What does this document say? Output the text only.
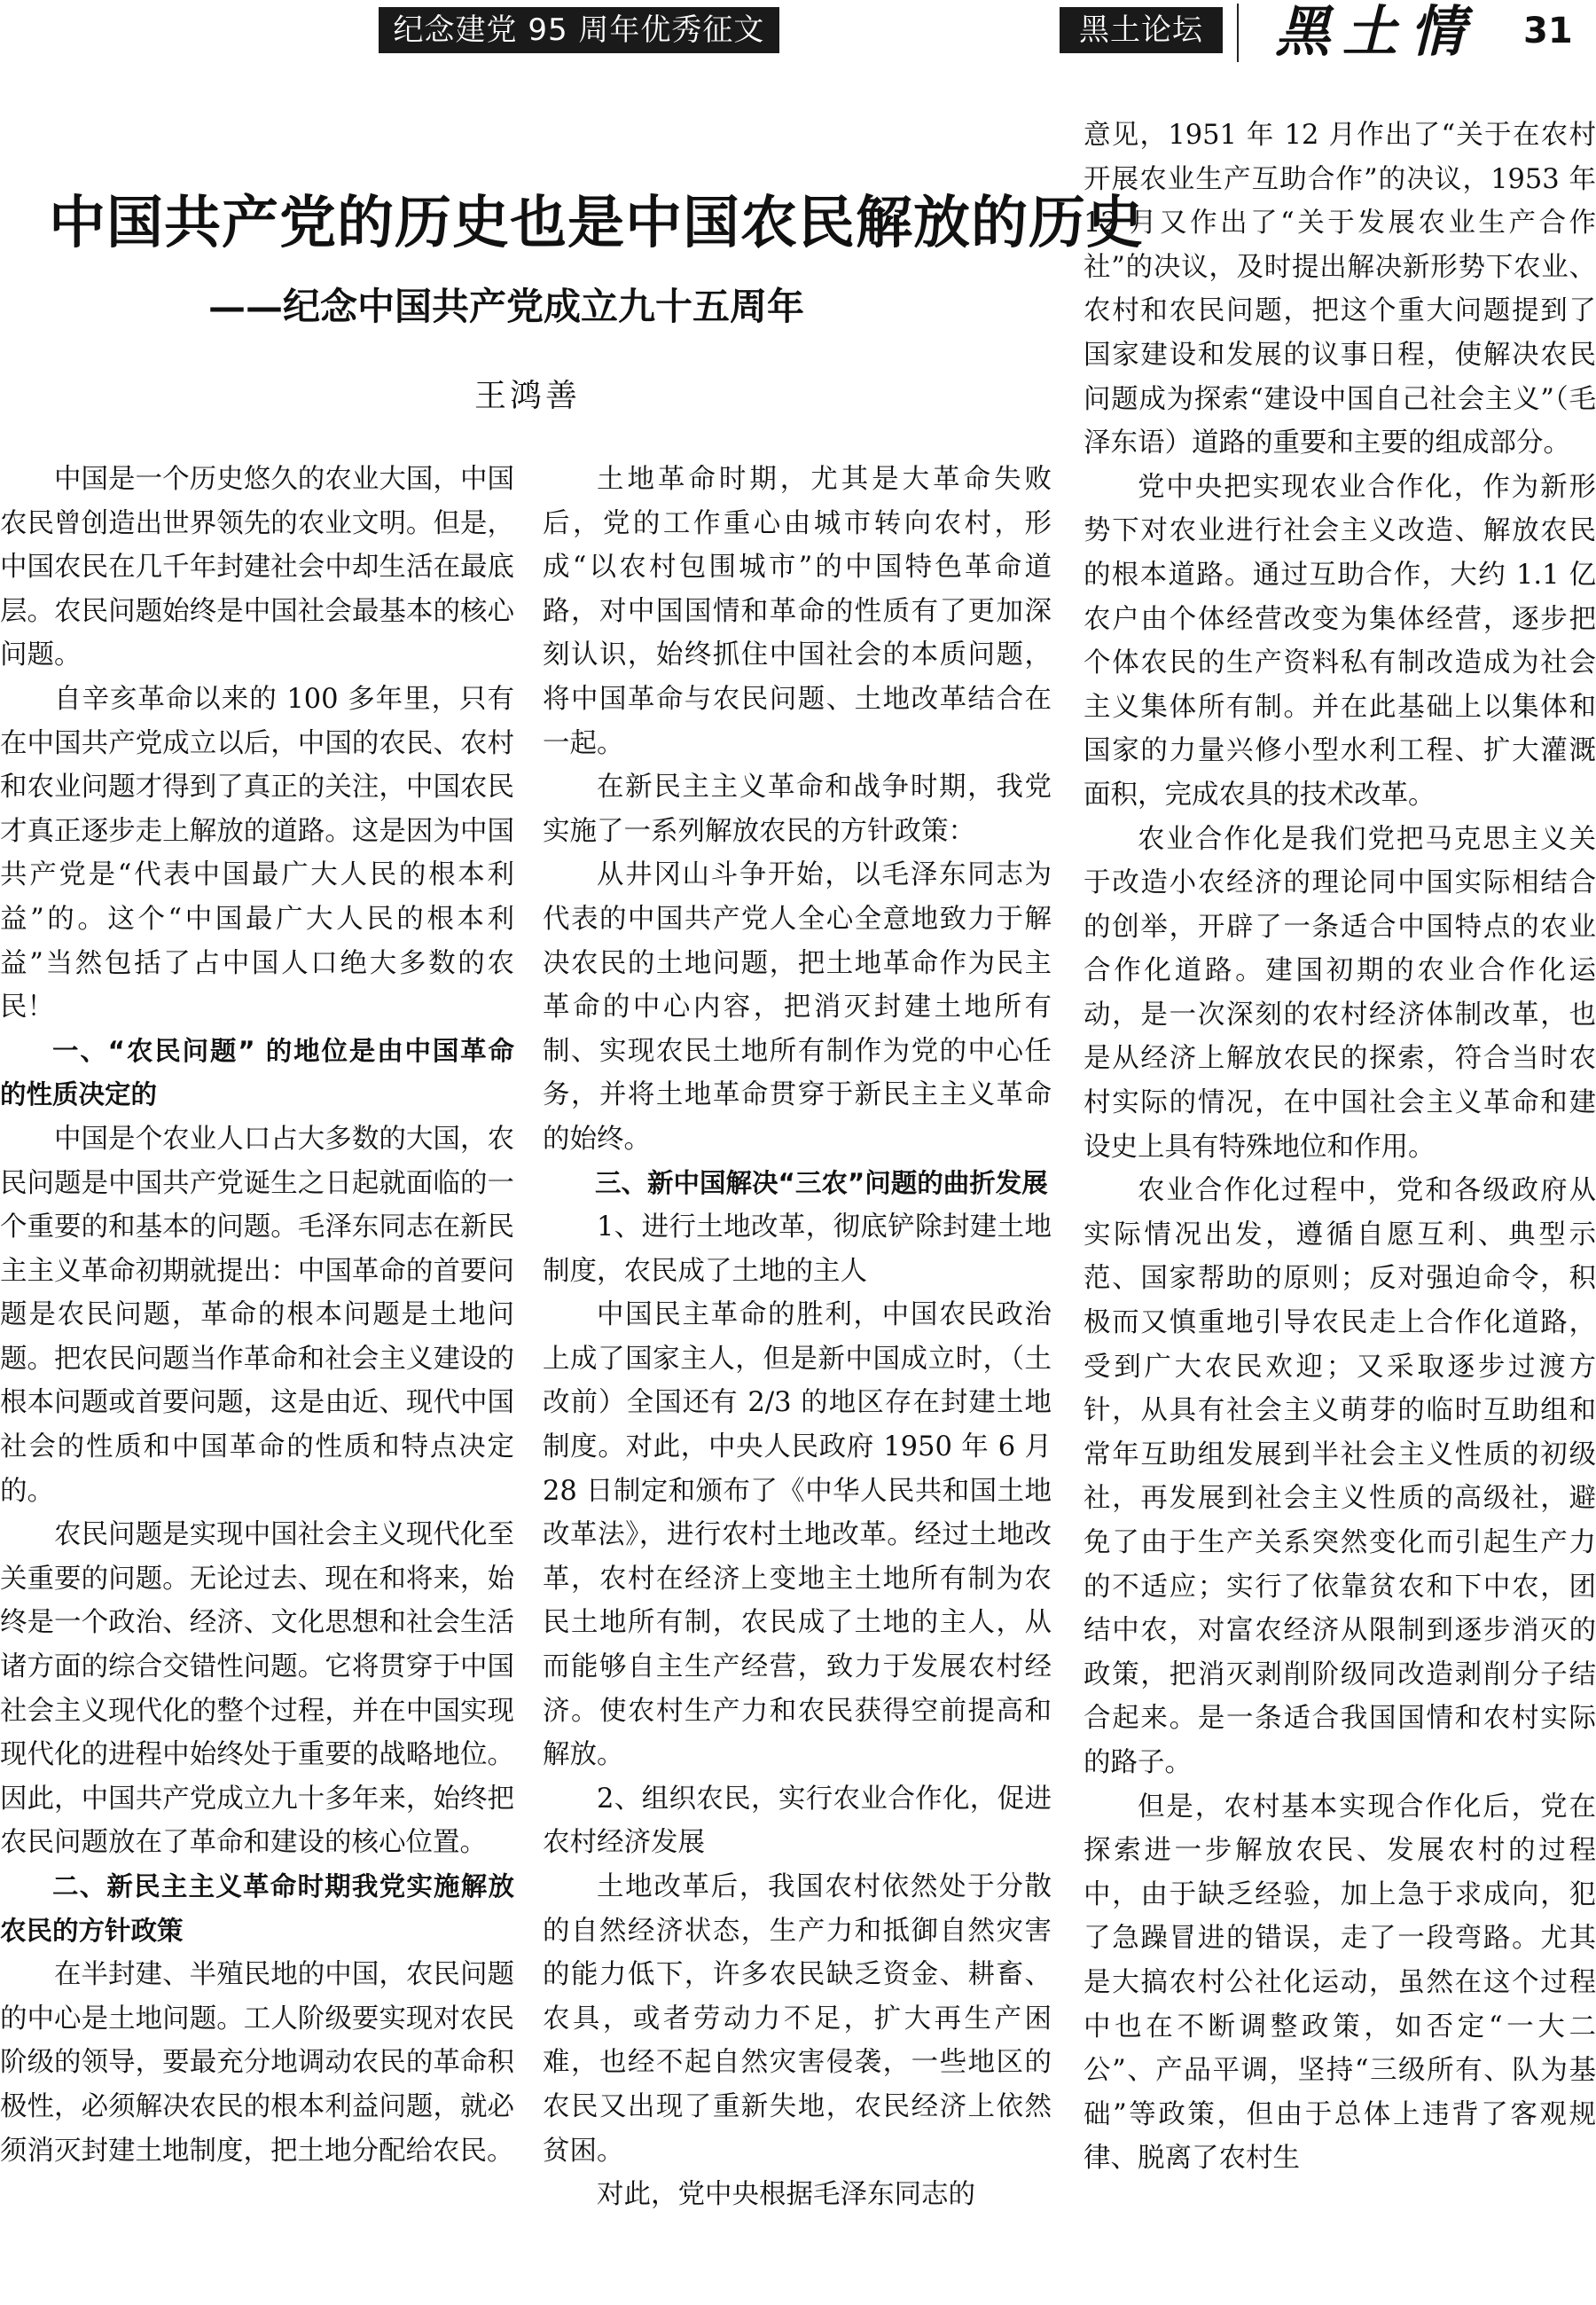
纪念建党 95 周年优秀征文	黑土论坛	黑土情 31
中国共产党的历史也是中国农民解放的历史
——纪念中国共产党成立九十五周年
王鸿善

中国是一个历史悠久的农业大国，中国农民曾创造出世界领先的农业文明。但是，中国农民在几千年封建社会中却生活在最底层。农民问题始终是中国社会最基本的核心问题。

自辛亥革命以来的 100 多年里，只有在中国共产党成立以后，中国的农民、农村和农业问题才得到了真正的关注，中国农民才真正逐步走上解放的道路。这是因为中国共产党是“代表中国最广大人民的根本利益”的。这个“中国最广大人民的根本利益”当然包括了占中国人口绝大多数的农民！

一、“农民问题” 的地位是由中国革命的性质决定的

中国是个农业人口占大多数的大国，农民问题是中国共产党诞生之日起就面临的一个重要的和基本的问题。毛泽东同志在新民主主义革命初期就提出：中国革命的首要问题是农民问题，革命的根本问题是土地问题。把农民问题当作革命和社会主义建设的根本问题或首要问题，这是由近、现代中国社会的性质和中国革命的性质和特点决定的。

农民问题是实现中国社会主义现代化至关重要的问题。无论过去、现在和将来，始终是一个政治、经济、文化思想和社会生活诸方面的综合交错性问题。它将贯穿于中国社会主义现代化的整个过程，并在中国实现现代化的进程中始终处于重要的战略地位。因此，中国共产党成立九十多年来，始终把农民问题放在了革命和建设的核心位置。

二、新民主主义革命时期我党实施解放农民的方针政策

在半封建、半殖民地的中国，农民问题的中心是土地问题。工人阶级要实现对农民阶级的领导，要最充分地调动农民的革命积极性，必须解决农民的根本利益问题，就必须消灭封建土地制度，把土地分配给农民。

土地革命时期，尤其是大革命失败后，党的工作重心由城市转向农村，形成“以农村包围城市”的中国特色革命道路，对中国国情和革命的性质有了更加深刻认识，始终抓住中国社会的本质问题，将中国革命与农民问题、土地改革结合在一起。

在新民主主义革命和战争时期，我党实施了一系列解放农民的方针政策：

从井冈山斗争开始，以毛泽东同志为代表的中国共产党人全心全意地致力于解决农民的土地问题，把土地革命作为民主革命的中心内容，把消灭封建土地所有制、实现农民土地所有制作为党的中心任务，并将土地革命贯穿于新民主主义革命的始终。

三、新中国解决“三农”问题的曲折发展

1、进行土地改革，彻底铲除封建土地制度，农民成了土地的主人

中国民主革命的胜利，中国农民政治上成了国家主人，但是新中国成立时，（土改前）全国还有 2/3 的地区存在封建土地制度。对此，中央人民政府 1950 年 6 月 28 日制定和颁布了《中华人民共和国土地改革法》，进行农村土地改革。经过土地改革，农村在经济上变地主土地所有制为农民土地所有制，农民成了土地的主人，从而能够自主生产经营，致力于发展农村经济。使农村生产力和农民获得空前提高和解放。

2、组织农民，实行农业合作化，促进农村经济发展

土地改革后，我国农村依然处于分散的自然经济状态，生产力和抵御自然灾害的能力低下，许多农民缺乏资金、耕畜、农具，或者劳动力不足，扩大再生产困难，也经不起自然灾害侵袭，一些地区的农民又出现了重新失地，农民经济上依然贫困。

对此，党中央根据毛泽东同志的

意见，1951 年 12 月作出了“关于在农村开展农业生产互助合作”的决议，1953 年 12 月又作出了“关于发展农业生产合作社”的决议，及时提出解决新形势下农业、农村和农民问题，把这个重大问题提到了国家建设和发展的议事日程，使解决农民问题成为探索“建设中国自己社会主义”（毛泽东语）道路的重要和主要的组成部分。

党中央把实现农业合作化，作为新形势下对农业进行社会主义改造、解放农民的根本道路。通过互助合作，大约 1.1 亿农户由个体经营改变为集体经营，逐步把个体农民的生产资料私有制改造成为社会主义集体所有制。并在此基础上以集体和国家的力量兴修小型水利工程、扩大灌溉面积，完成农具的技术改革。

农业合作化是我们党把马克思主义关于改造小农经济的理论同中国实际相结合的创举，开辟了一条适合中国特点的农业合作化道路。建国初期的农业合作化运动，是一次深刻的农村经济体制改革，也是从经济上解放农民的探索，符合当时农村实际的情况，在中国社会主义革命和建设史上具有特殊地位和作用。

农业合作化过程中，党和各级政府从实际情况出发，遵循自愿互利、典型示范、国家帮助的原则；反对强迫命令，积极而又慎重地引导农民走上合作化道路，受到广大农民欢迎；又采取逐步过渡方针，从具有社会主义萌芽的临时互助组和常年互助组发展到半社会主义性质的初级社，再发展到社会主义性质的高级社，避免了由于生产关系突然变化而引起生产力的不适应；实行了依靠贫农和下中农，团结中农，对富农经济从限制到逐步消灭的政策，把消灭剥削阶级同改造剥削分子结合起来。是一条适合我国国情和农村实际的路子。

但是，农村基本实现合作化后，党在探索进一步解放农民、发展农村的过程中，由于缺乏经验，加上急于求成向，犯了急躁冒进的错误，走了一段弯路。尤其是大搞农村公社化运动，虽然在这个过程中也在不断调整政策，如否定“一大二公”、产品平调，坚持“三级所有、队为基础”等政策，但由于总体上违背了客观规律、脱离了农村生
